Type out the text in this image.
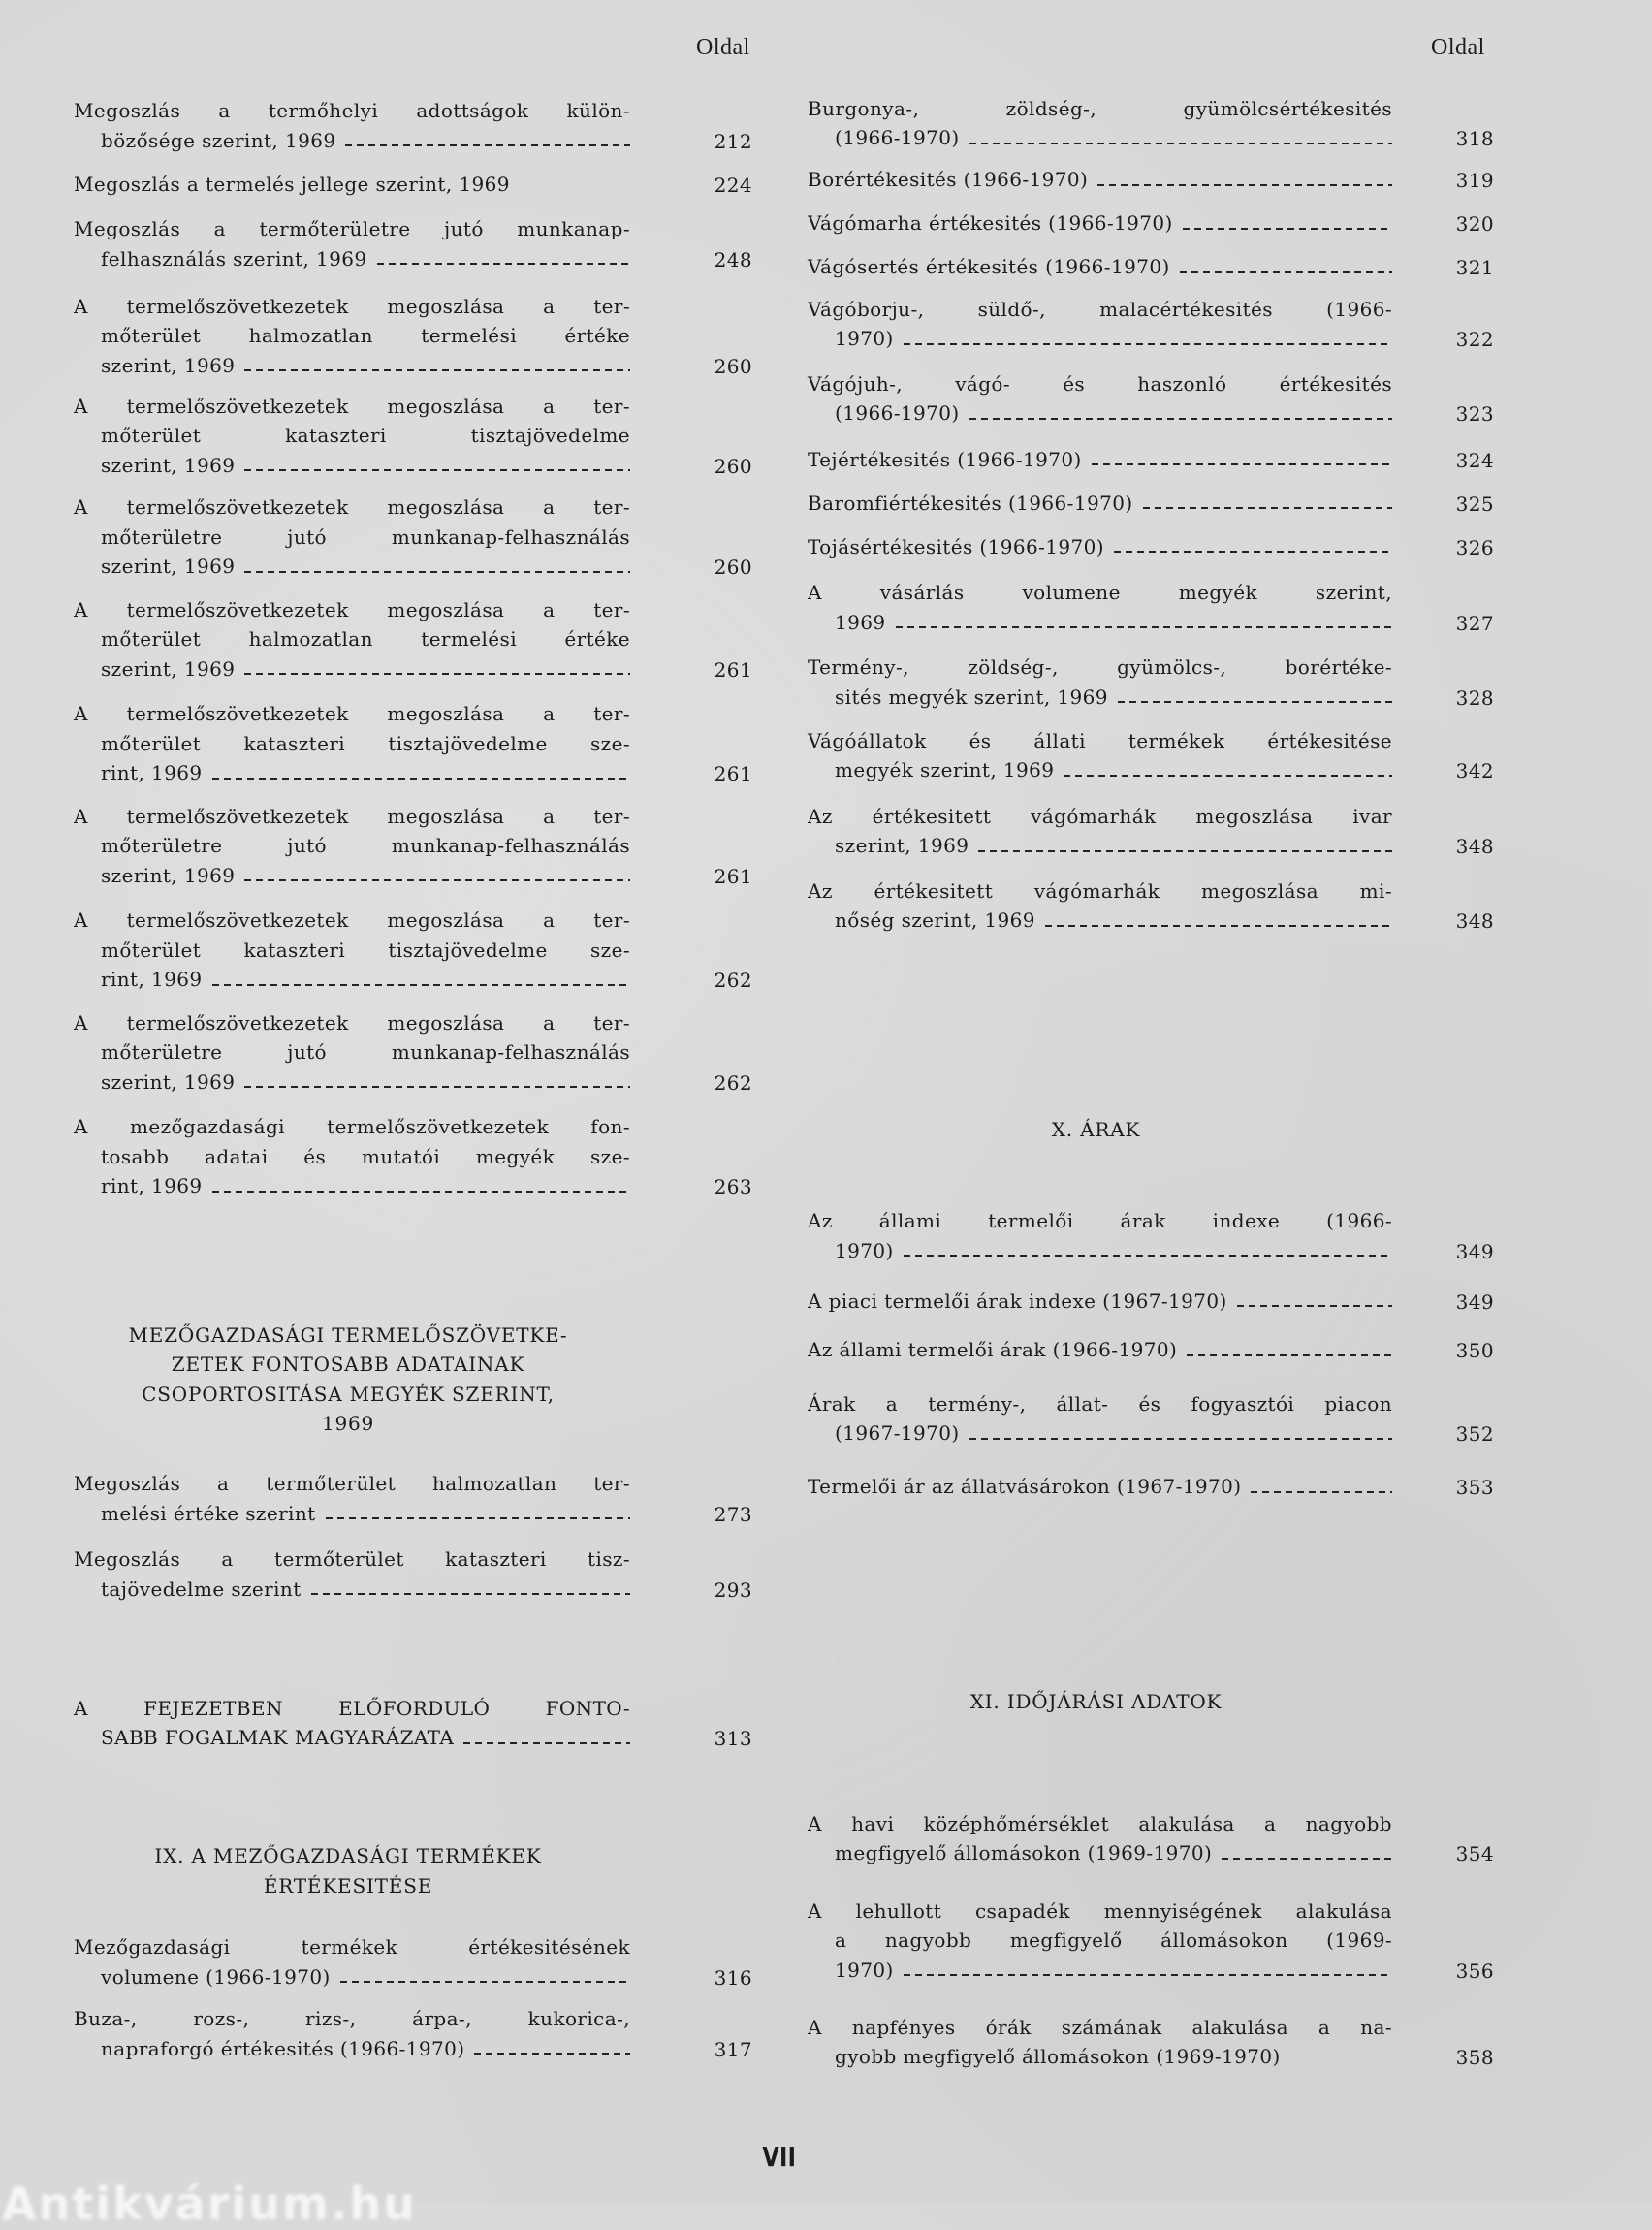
Oldal	Oldal
Megoszlás a termőhelyi adottságok külön-
bözősége szerint, 1969	212
Megoszlás a termelés jellege szerint, 1969	224
Megoszlás a termőterületre jutó munkanap-
felhasználás szerint, 1969	248
A termelőszövetkezetek megoszlása a ter-
mőterület halmozatlan termelési értéke
szerint, 1969	260
A termelőszövetkezetek megoszlása a ter-
mőterület kataszteri tisztajövedelme
szerint, 1969	260
A termelőszövetkezetek megoszlása a ter-
mőterületre jutó munkanap-felhasználás
szerint, 1969	260
A termelőszövetkezetek megoszlása a ter-
mőterület halmozatlan termelési értéke
szerint, 1969	261
A termelőszövetkezetek megoszlása a ter-
mőterület kataszteri tisztajövedelme sze-
rint, 1969	261
A termelőszövetkezetek megoszlása a ter-
mőterületre jutó munkanap-felhasználás
szerint, 1969	261
A termelőszövetkezetek megoszlása a ter-
mőterület kataszteri tisztajövedelme sze-
rint, 1969	262
A termelőszövetkezetek megoszlása a ter-
mőterületre jutó munkanap-felhasználás
szerint, 1969	262
A mezőgazdasági termelőszövetkezetek fon-
tosabb adatai és mutatói megyék sze-
rint, 1969	263
Megoszlás a termőterület halmozatlan ter-
melési értéke szerint	273
Megoszlás a termőterület kataszteri tisz-
tajövedelme szerint	293
A FEJEZETBEN ELŐFORDULÓ FONTO-
SABB FOGALMAK MAGYARÁZATA	313
Mezőgazdasági termékek értékesitésének
volumene (1966-1970)	316
Buza-, rozs-, rizs-, árpa-, kukorica-,
napraforgó értékesités (1966-1970)	317
MEZŐGAZDASÁGI TERMELŐSZÖVETKE-
ZETEK FONTOSABB ADATAINAK
CSOPORTOSITÁSA MEGYÉK SZERINT,
1969
IX. A MEZŐGAZDASÁGI TERMÉKEK
ÉRTÉKESITÉSE
Burgonya-, zöldség-, gyümölcsértékesités
(1966-1970)	318
Borértékesités (1966-1970)	319
Vágómarha értékesités (1966-1970)	320
Vágósertés értékesités (1966-1970)	321
Vágóborju-, süldő-, malacértékesités (1966-
1970)	322
Vágójuh-, vágó- és haszonló értékesités
(1966-1970)	323
Tejértékesités (1966-1970)	324
Baromfiértékesités (1966-1970)	325
Tojásértékesités (1966-1970)	326
A vásárlás volumene megyék szerint,
1969	327
Termény-, zöldség-, gyümölcs-, borértéke-
sités megyék szerint, 1969	328
Vágóállatok és állati termékek értékesitése
megyék szerint, 1969	342
Az értékesitett vágómarhák megoszlása ivar
szerint, 1969	348
Az értékesitett vágómarhák megoszlása mi-
nőség szerint, 1969	348
Az állami termelői árak indexe (1966-
1970)	349
A piaci termelői árak indexe (1967-1970)	349
Az állami termelői árak (1966-1970)	350
Árak a termény-, állat- és fogyasztói piacon
(1967-1970)	352
Termelői ár az állatvásárokon (1967-1970)	353
A havi középhőmérséklet alakulása a nagyobb
megfigyelő állomásokon (1969-1970)	354
A lehullott csapadék mennyiségének alakulása
a nagyobb megfigyelő állomásokon (1969-
1970)	356
A napfényes órák számának alakulása a na-
gyobb megfigyelő állomásokon (1969-1970)	358
X. ÁRAK
XI. IDŐJÁRÁSI ADATOK
VII
Antikvárium.hu
